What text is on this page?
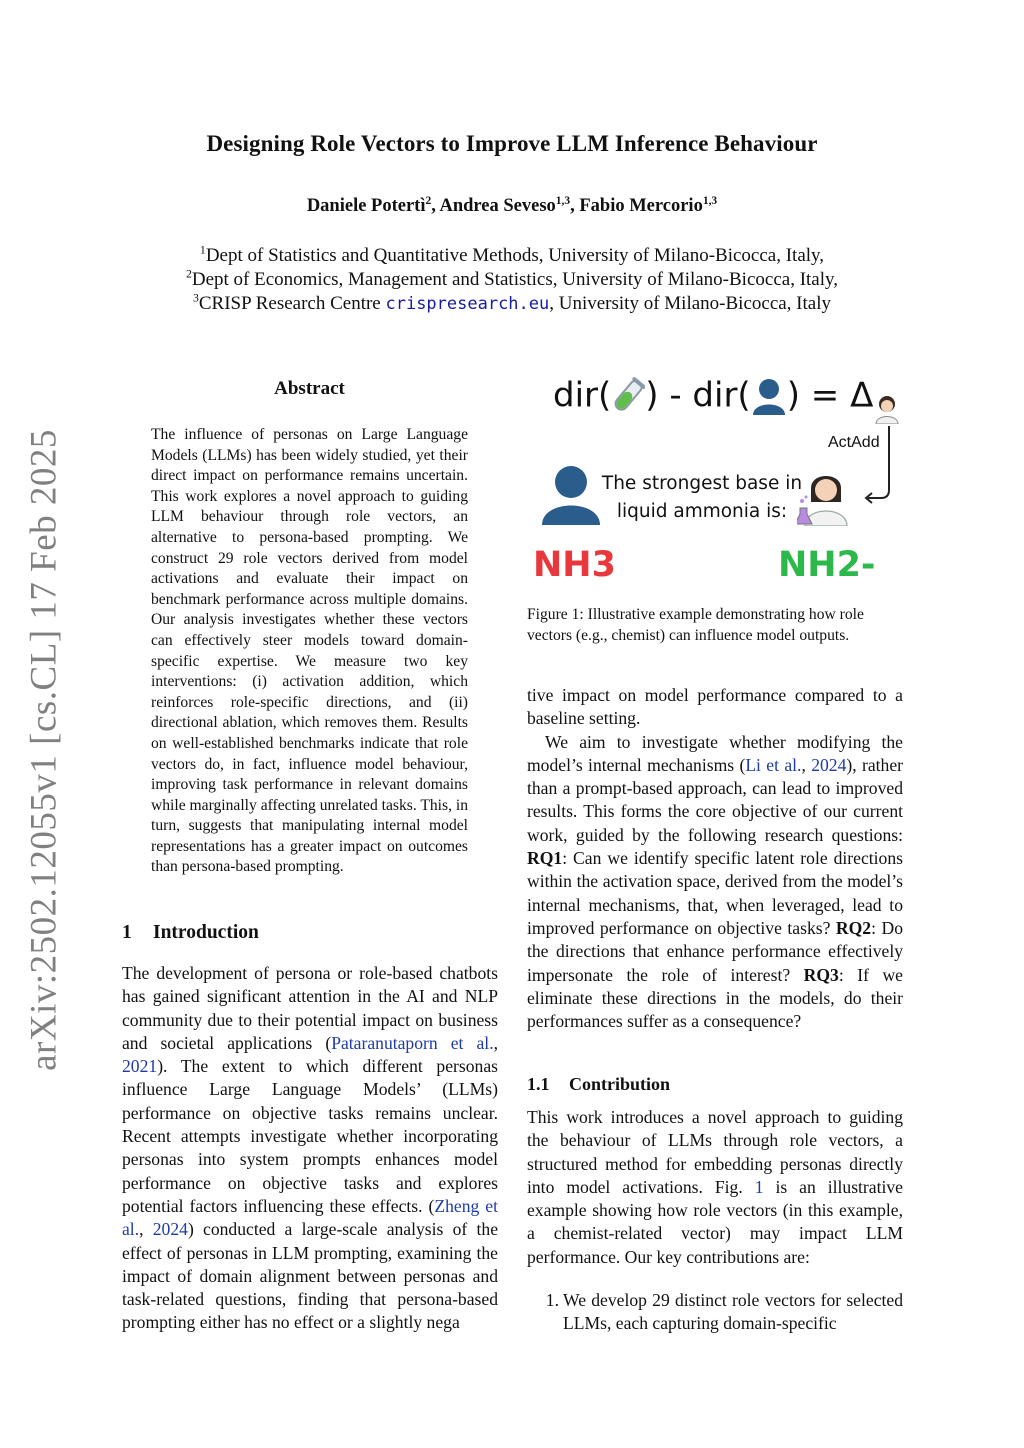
Designing Role Vectors to Improve LLM Inference Behaviour
Daniele Potertì$^2$, Andrea Seveso$^{1,3}$, Fabio Mercorio$^{1,3}$
$^1$Dept of Statistics and Quantitative Methods, University of Milano-Bicocca, Italy,
$^2$Dept of Economics, Management and Statistics, University of Milano-Bicocca, Italy,
$^3$CRISP Research Centre crispresearch.eu, University of Milano-Bicocca, Italy
arXiv:2502.12055v1 [cs.CL] 17 Feb 2025
Abstract
The influence of personas on Large Language Models (LLMs) has been widely studied, yet their direct impact on performance remains uncertain. This work explores a novel approach to guiding LLM behaviour through role vectors, an alternative to persona-based prompting. We construct 29 role vectors derived from model activations and evaluate their impact on benchmark performance across multiple domains. Our analysis investigates whether these vectors can effectively steer models toward domain-specific expertise. We measure two key interventions: (i) activation addition, which reinforces role-specific directions, and (ii) directional ablation, which removes them. Results on well-established benchmarks indicate that role vectors do, in fact, influence model behaviour, improving task performance in relevant domains while marginally affecting unrelated tasks. This, in turn, suggests that manipulating internal model representations has a greater impact on outcomes than persona-based prompting.
1 Introduction
The development of persona or role-based chatbots has gained significant attention in the AI and NLP community due to their potential impact on business and societal applications (Pataranutaporn et al., 2021). The extent to which different personas influence Large Language Models’ (LLMs) performance on objective tasks remains unclear. Recent attempts investigate whether incorporating personas into system prompts enhances model performance on objective tasks and explores potential factors influencing these effects. (Zheng et al., 2024) conducted a large-scale analysis of the effect of personas in LLM prompting, examining the impact of domain alignment between personas and task-related questions, finding that persona-based prompting either has no effect or a slightly nega
dir( ) - dir( ) = Δ
ActAdd
The strongest base in liquid ammonia is:
NH3	NH2-
Figure 1: Illustrative example demonstrating how role vectors (e.g., chemist) can influence model outputs.
tive impact on model performance compared to a baseline setting.
We aim to investigate whether modifying the model’s internal mechanisms (Li et al., 2024), rather than a prompt-based approach, can lead to improved results. This forms the core objective of our current work, guided by the following research questions: RQ1: Can we identify specific latent role directions within the activation space, derived from the model’s internal mechanisms, that, when leveraged, lead to improved performance on objective tasks? RQ2: Do the directions that enhance performance effectively impersonate the role of interest? RQ3: If we eliminate these directions in the models, do their performances suffer as a consequence?
1.1 Contribution
This work introduces a novel approach to guiding the behaviour of LLMs through role vectors, a structured method for embedding personas directly into model activations. Fig. 1 is an illustrative example showing how role vectors (in this example, a chemist-related vector) may impact LLM performance. Our key contributions are:
1. We develop 29 distinct role vectors for selected LLMs, each capturing domain-specific
